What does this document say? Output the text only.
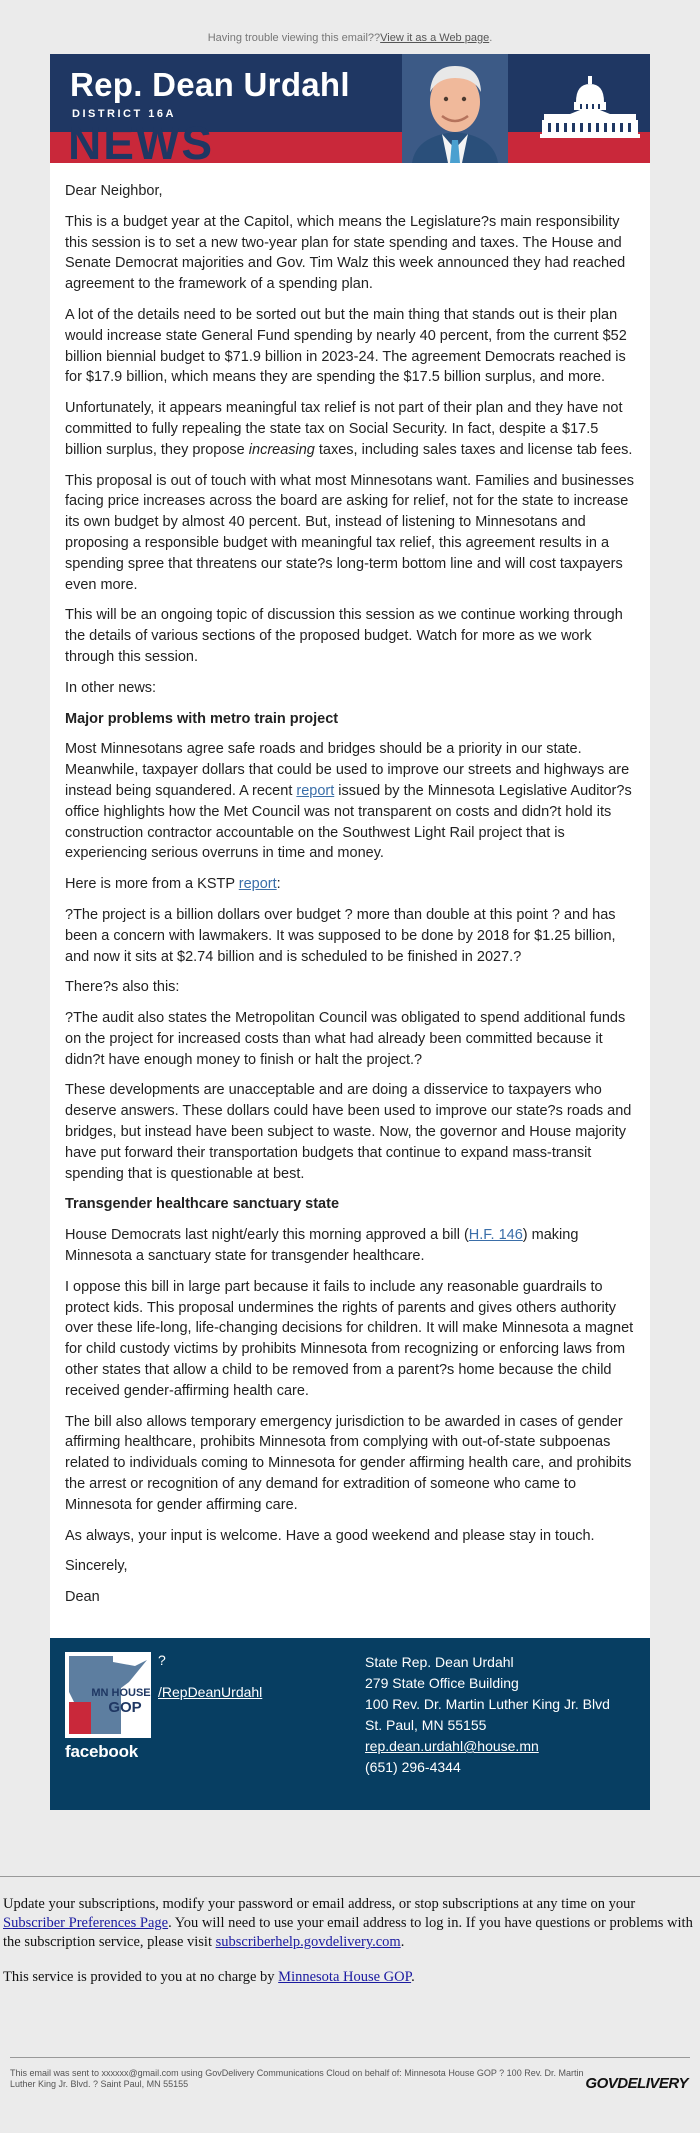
Having trouble viewing this email?? View it as a Web page .
Rep. Dean Urdahl
DISTRICT 16A
NEWS

Dear Neighbor,

This is a budget year at the Capitol, which means the Legislature?s main responsibility this session is to set a new two-year plan for state spending and taxes. The House and Senate Democrat majorities and Gov. Tim Walz this week announced they had reached agreement to the framework of a spending plan.

A lot of the details need to be sorted out but the main thing that stands out is their plan would increase state General Fund spending by nearly 40 percent, from the current $52 billion biennial budget to $71.9 billion in 2023-24. The agreement Democrats reached is for $17.9 billion, which means they are spending the $17.5 billion surplus, and more.

Unfortunately, it appears meaningful tax relief is not part of their plan and they have not committed to fully repealing the state tax on Social Security. In fact, despite a $17.5 billion surplus, they propose increasing taxes, including sales taxes and license tab fees.

This proposal is out of touch with what most Minnesotans want. Families and businesses facing price increases across the board are asking for relief, not for the state to increase its own budget by almost 40 percent. But, instead of listening to Minnesotans and proposing a responsible budget with meaningful tax relief, this agreement results in a spending spree that threatens our state?s long-term bottom line and will cost taxpayers even more.

This will be an ongoing topic of discussion this session as we continue working through the details of various sections of the proposed budget. Watch for more as we work through this session.

In other news:

Major problems with metro train project

Most Minnesotans agree safe roads and bridges should be a priority in our state. Meanwhile, taxpayer dollars that could be used to improve our streets and highways are instead being squandered. A recent report issued by the Minnesota Legislative Auditor?s office highlights how the Met Council was not transparent on costs and didn?t hold its construction contractor accountable on the Southwest Light Rail project that is experiencing serious overruns in time and money.

Here is more from a KSTP report:

?The project is a billion dollars over budget ? more than double at this point ? and has been a concern with lawmakers. It was supposed to be done by 2018 for $1.25 billion, and now it sits at $2.74 billion and is scheduled to be finished in 2027.?

There?s also this:

?The audit also states the Metropolitan Council was obligated to spend additional funds on the project for increased costs than what had already been committed because it didn?t have enough money to finish or halt the project.?

These developments are unacceptable and are doing a disservice to taxpayers who deserve answers. These dollars could have been used to improve our state?s roads and bridges, but instead have been subject to waste. Now, the governor and House majority have put forward their transportation budgets that continue to expand mass-transit spending that is questionable at best.

Transgender healthcare sanctuary state

House Democrats last night/early this morning approved a bill (H.F. 146) making Minnesota a sanctuary state for transgender healthcare.

I oppose this bill in large part because it fails to include any reasonable guardrails to protect kids. This proposal undermines the rights of parents and gives others authority over these life-long, life-changing decisions for children. It will make Minnesota a magnet for child custody victims by prohibits Minnesota from recognizing or enforcing laws from other states that allow a child to be removed from a parent?s home because the child received gender-affirming health care.

The bill also allows temporary emergency jurisdiction to be awarded in cases of gender affirming healthcare, prohibits Minnesota from complying with out-of-state subpoenas related to individuals coming to Minnesota for gender affirming health care, and prohibits the arrest or recognition of any demand for extradition of someone who came to Minnesota for gender affirming care.

As always, your input is welcome. Have a good weekend and please stay in touch.

Sincerely,

Dean

MN HOUSE
GOP
facebook
?
/RepDeanUrdahl
State Rep. Dean Urdahl
279 State Office Building
100 Rev. Dr. Martin Luther King Jr. Blvd
St. Paul, MN 55155
rep.dean.urdahl@house.mn
(651) 296-4344

Update your subscriptions, modify your password or email address, or stop subscriptions at any time on your Subscriber Preferences Page. You will need to use your email address to log in. If you have questions or problems with the subscription service, please visit subscriberhelp.govdelivery.com.

This service is provided to you at no charge by Minnesota House GOP.

This email was sent to xxxxxx@gmail.com using GovDelivery Communications Cloud on behalf of: Minnesota House GOP ? 100 Rev. Dr. Martin Luther King Jr. Blvd. ? Saint Paul, MN 55155	GOVDELIVERY
